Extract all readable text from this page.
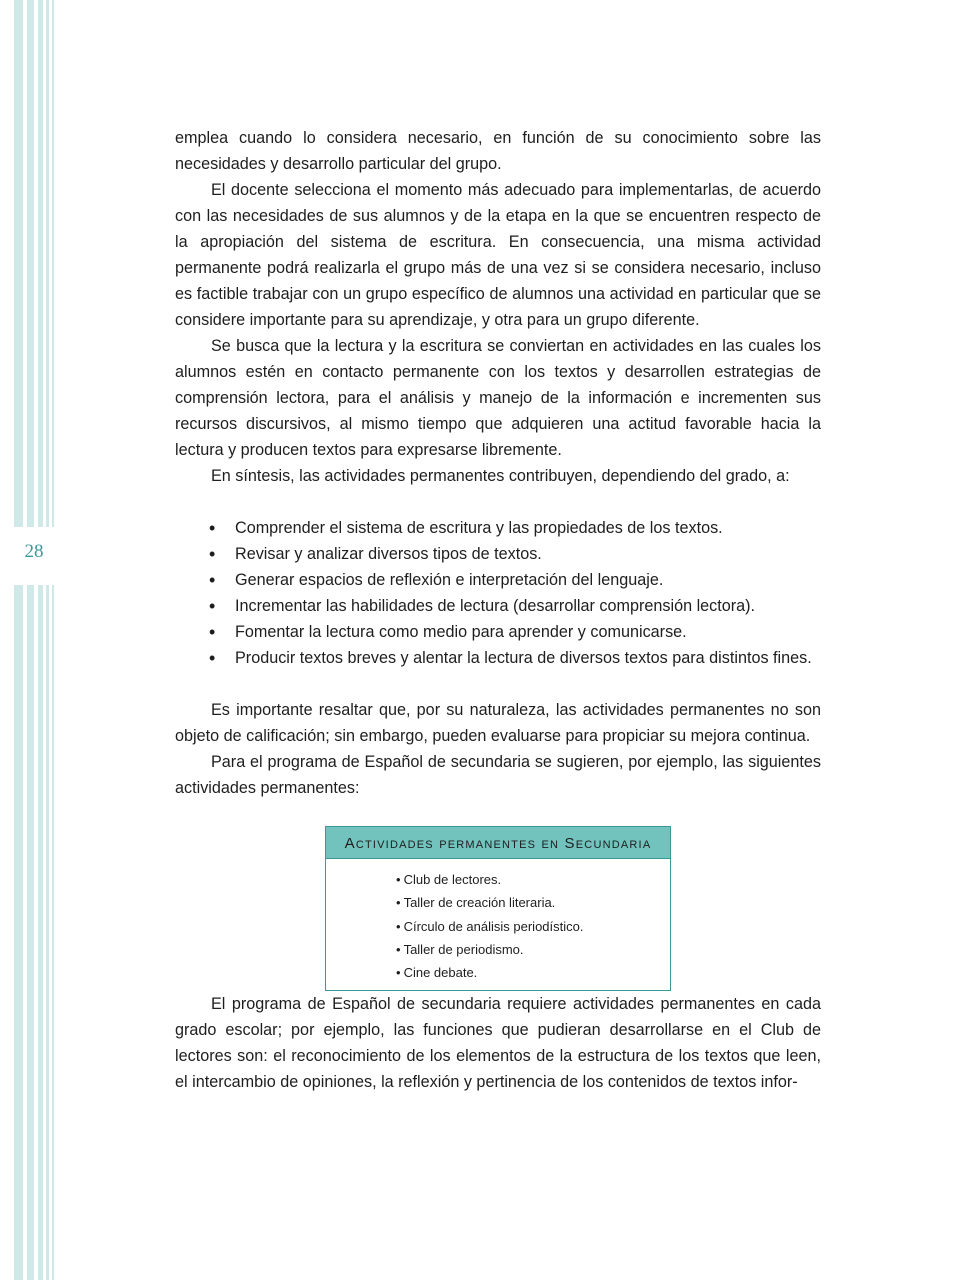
28

emplea cuando lo considera necesario, en función de su conocimiento sobre las necesidades y desarrollo particular del grupo.

El docente selecciona el momento más adecuado para implementarlas, de acuerdo con las necesidades de sus alumnos y de la etapa en la que se encuentren respecto de la apropiación del sistema de escritura. En consecuencia, una misma actividad permanente podrá realizarla el grupo más de una vez si se considera necesario, incluso es factible trabajar con un grupo específico de alumnos una actividad en particular que se considere importante para su aprendizaje, y otra para un grupo diferente.

Se busca que la lectura y la escritura se conviertan en actividades en las cuales los alumnos estén en contacto permanente con los textos y desarrollen estrategias de comprensión lectora, para el análisis y manejo de la información e incrementen sus recursos discursivos, al mismo tiempo que adquieren una actitud favorable hacia la lectura y producen textos para expresarse libremente.

En síntesis, las actividades permanentes contribuyen, dependiendo del grado, a:

•	Comprender el sistema de escritura y las propiedades de los textos.
•	Revisar y analizar diversos tipos de textos.
•	Generar espacios de reflexión e interpretación del lenguaje.
•	Incrementar las habilidades de lectura (desarrollar comprensión lectora).
•	Fomentar la lectura como medio para aprender y comunicarse.
•	Producir textos breves y alentar la lectura de diversos textos para distintos fines.

Es importante resaltar que, por su naturaleza, las actividades permanentes no son objeto de calificación; sin embargo, pueden evaluarse para propiciar su mejora continua.

Para el programa de Español de secundaria se sugieren, por ejemplo, las siguientes actividades permanentes:

Actividades permanentes en Secundaria
• Club de lectores.
• Taller de creación literaria.
• Círculo de análisis periodístico.
• Taller de periodismo.
• Cine debate.

El programa de Español de secundaria requiere actividades permanentes en cada grado escolar; por ejemplo, las funciones que pudieran desarrollarse en el Club de lectores son: el reconocimiento de los elementos de la estructura de los textos que leen, el intercambio de opiniones, la reflexión y pertinencia de los contenidos de textos infor-
